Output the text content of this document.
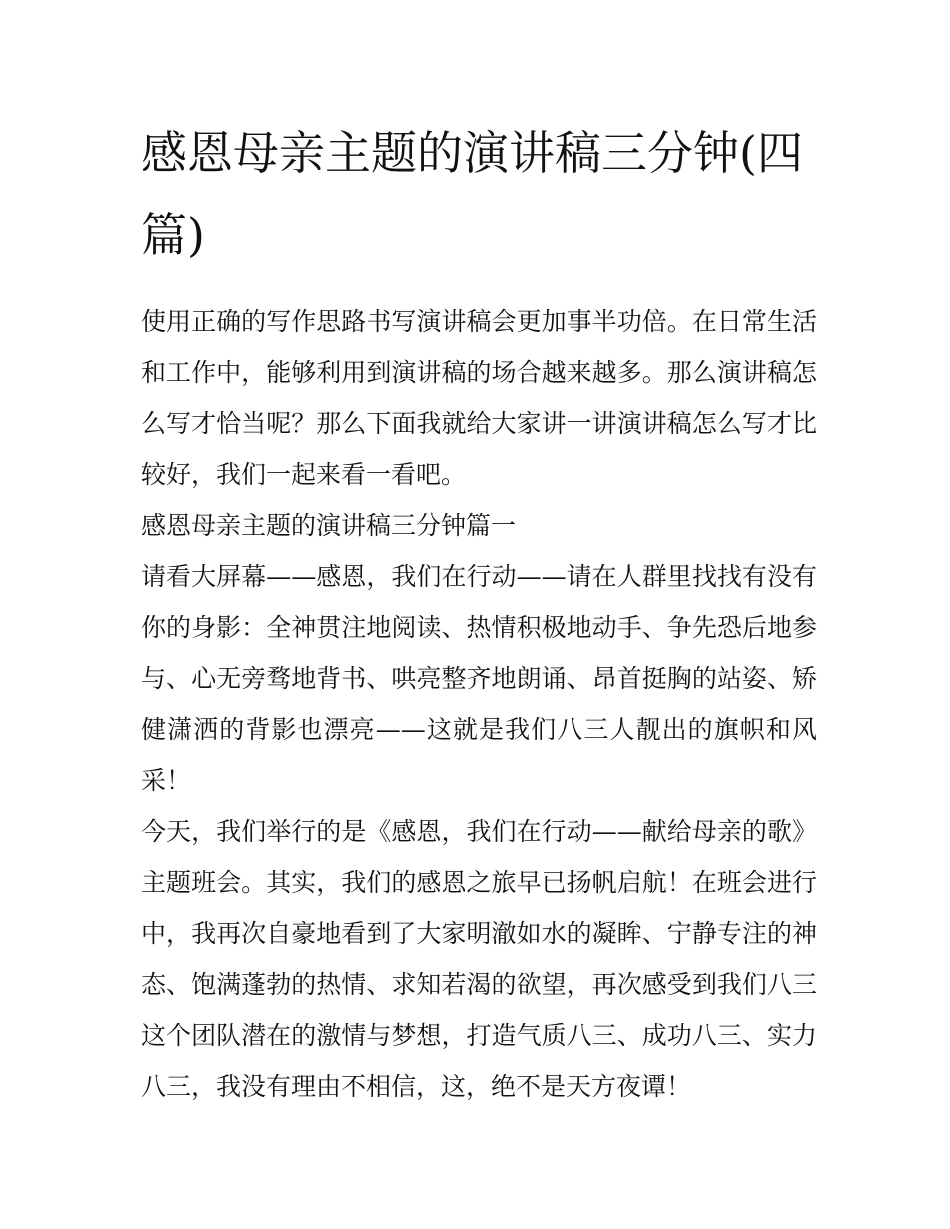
感恩母亲主题的演讲稿三分钟(四篇)

使用正确的写作思路书写演讲稿会更加事半功倍。在日常生活和工作中，能够利用到演讲稿的场合越来越多。那么演讲稿怎么写才恰当呢？那么下面我就给大家讲一讲演讲稿怎么写才比较好，我们一起来看一看吧。

感恩母亲主题的演讲稿三分钟篇一

请看大屏幕——感恩，我们在行动——请在人群里找找有没有你的身影：全神贯注地阅读、热情积极地动手、争先恐后地参与、心无旁骛地背书、哄亮整齐地朗诵、昂首挺胸的站姿、矫健潇洒的背影也漂亮——这就是我们八三人靓出的旗帜和风采！

今天，我们举行的是《感恩，我们在行动——献给母亲的歌》主题班会。其实，我们的感恩之旅早已扬帆启航！在班会进行中，我再次自豪地看到了大家明澈如水的凝眸、宁静专注的神态、饱满蓬勃的热情、求知若渴的欲望，再次感受到我们八三这个团队潜在的激情与梦想，打造气质八三、成功八三、实力八三，我没有理由不相信，这，绝不是天方夜谭！
